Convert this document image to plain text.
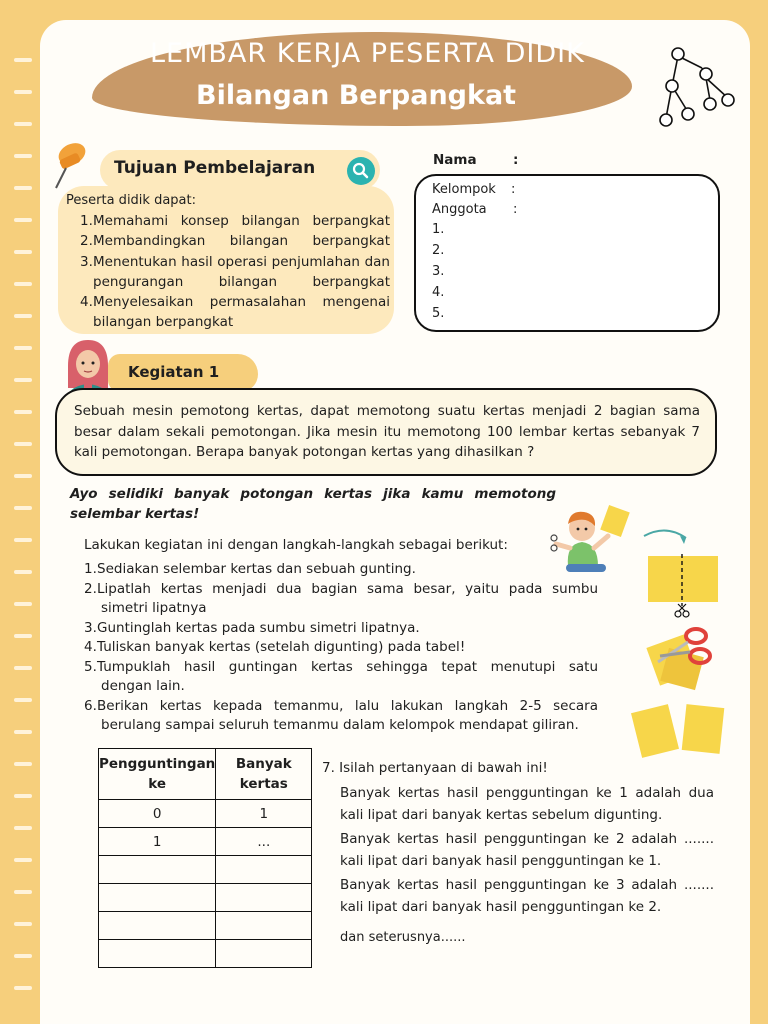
LEMBAR KERJA PESERTA DIDIK
Bilangan Berpangkat
Tujuan Pembelajaran
Peserta didik dapat:
1. Memahami konsep bilangan berpangkat
2. Membandingkan bilangan berpangkat
3. Menentukan hasil operasi penjumlahan dan pengurangan bilangan berpangkat
4. Menyelesaikan permasalahan mengenai bilangan berpangkat
Nama	:
Kelompok :
Anggota :
1.
2.
3.
4.
5.
Kegiatan 1
Sebuah mesin pemotong kertas, dapat memotong suatu kertas menjadi 2 bagian sama besar dalam sekali pemotongan. Jika mesin itu memotong 100 lembar kertas sebanyak 7 kali pemotongan. Berapa banyak potongan kertas yang dihasilkan ?
Ayo selidiki banyak potongan kertas jika kamu memotong
selembar kertas!
Lakukan kegiatan ini dengan langkah-langkah sebagai berikut:
1. Sediakan selembar kertas dan sebuah gunting.
2. Lipatlah kertas menjadi dua bagian sama besar, yaitu pada sumbu
simetri lipatnya
3. Guntinglah kertas pada sumbu simetri lipatnya.
4. Tuliskan banyak kertas (setelah digunting) pada tabel!
5. Tumpuklah hasil guntingan kertas sehingga tepat menutupi satu
dengan lain.
6. Berikan kertas kepada temanmu, lalu lakukan langkah 2-5 secara
berulang sampai seluruh temanmu dalam kelompok mendapat giliran.
Pengguntingan ke	Banyak kertas
0	1
1	...

7. Isilah pertanyaan di bawah ini!
Banyak kertas hasil pengguntingan ke 1 adalah dua
kali lipat dari banyak kertas sebelum digunting.
Banyak kertas hasil pengguntingan ke 2 adalah .......
kali lipat dari banyak hasil pengguntingan ke 1.
Banyak kertas hasil pengguntingan ke 3 adalah .......
kali lipat dari banyak hasil pengguntingan ke 2.
dan seterusnya......
